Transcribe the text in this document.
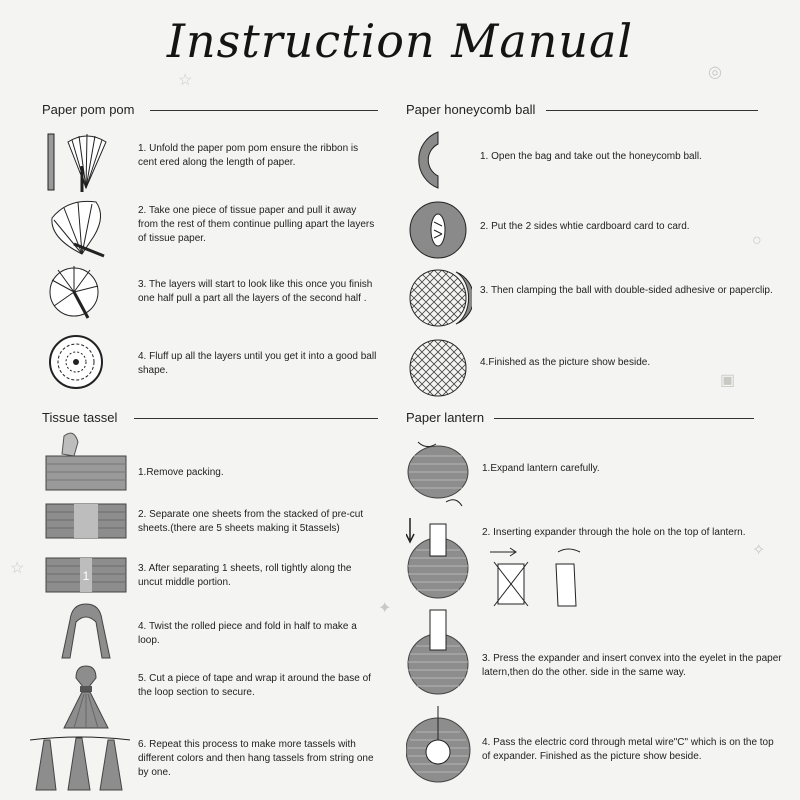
Instruction Manual
☆	◎
○
☆
✧
✦
▣
Paper pom pom
1. Unfold the paper pom pom ensure the ribbon is cent ered along the length of paper.
2. Take one piece of tissue paper and pull it away from the rest of them continue pulling apart the layers of tissue paper.
3. The layers will start to look like this once you finish one half pull a part all the layers of the second half .
4. Fluff up all the layers until you get it into a good ball shape.
Paper honeycomb ball
1. Open the bag and take out the honeycomb ball.
2. Put the 2 sides whtie cardboard card to card.
3. Then clamping the ball with double-sided adhesive or paperclip.
4.Finished as the picture show beside.
Tissue tassel
1.Remove packing.
2. Separate one sheets from the stacked of pre-cut sheets.(there are 5 sheets making it 5tassels)
1
3. After separating 1 sheets, roll tightly along the uncut middle portion.
4. Twist the rolled piece and fold in half to make a loop.
5. Cut a piece of tape and wrap it around the base of the loop section to secure.
6. Repeat this process to make more tassels with different colors and then hang tassels from string one by one.
Paper lantern
1.Expand lantern carefully.
2. Inserting expander through the hole on the top of lantern.
3. Press the expander and insert convex into the eyelet in the paper latern,then do the other. side in the same way.
4. Pass the electric cord through metal wire"C" which is on the top of expander. Finished as the picture show beside.
